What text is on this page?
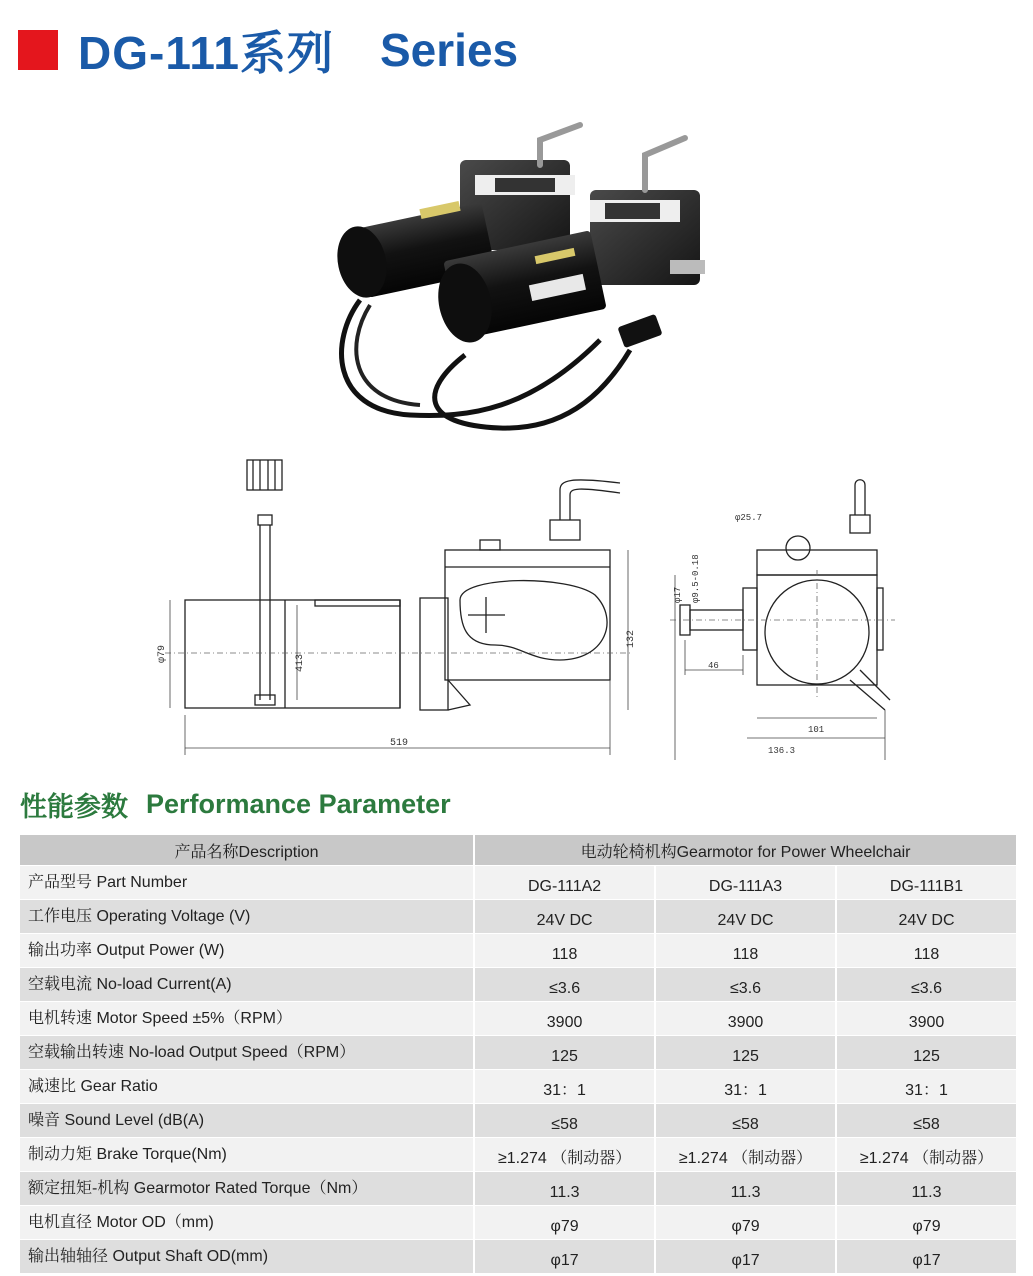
DG-111系列 Series
φ79	413
519
132
φ25.7
φ17 φ9.5-0.18
46
101
136.3
性能参数 Performance Parameter
产品名称Description	电动轮椅机构Gearmotor for Power Wheelchair		
产品型号 Part Number	DG-111A2	DG-111A3	DG-111B1
工作电压 Operating Voltage (V)	24V DC	24V DC	24V DC
输出功率 Output Power (W)	118	118	118
空载电流 No-load Current(A)	≤3.6	≤3.6	≤3.6
电机转速 Motor Speed ±5%（RPM）	3900	3900	3900
空载输出转速 No-load Output Speed（RPM）	125	125	125
减速比 Gear Ratio	31：1	31：1	31：1
噪音 Sound Level (dB(A)	≤58	≤58	≤58
制动力矩 Brake Torque(Nm)	≥1.274 （制动器）	≥1.274 （制动器）	≥1.274 （制动器）
额定扭矩-机构 Gearmotor Rated Torque（Nm）	11.3	11.3	11.3
电机直径 Motor OD（mm)	φ79	φ79	φ79
输出轴轴径 Output Shaft OD(mm)	φ17	φ17	φ17
